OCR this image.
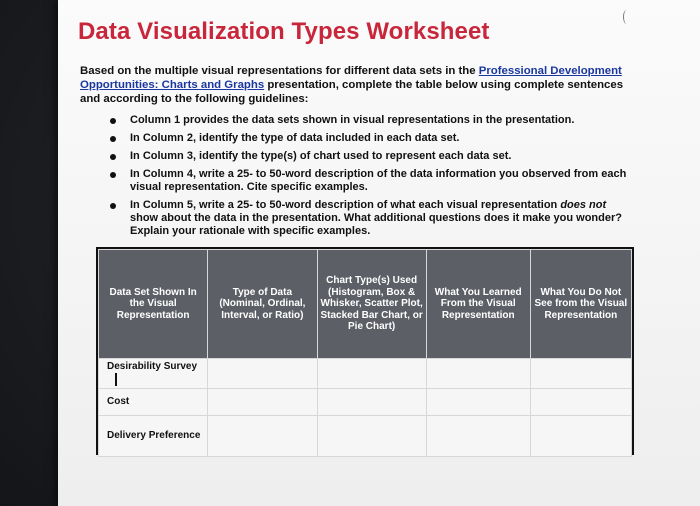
Data Visualization Types Worksheet
Based on the multiple visual representations for different data sets in the Professional Development Opportunities: Charts and Graphs presentation, complete the table below using complete sentences and according to the following guidelines:
Column 1 provides the data sets shown in visual representations in the presentation.
In Column 2, identify the type of data included in each data set.
In Column 3, identify the type(s) of chart used to represent each data set.
In Column 4, write a 25- to 50-word description of the data information you observed from each visual representation. Cite specific examples.
In Column 5, write a 25- to 50-word description of what each visual representation does not show about the data in the presentation. What additional questions does it make you wonder? Explain your rationale with specific examples.
Data Set Shown In the Visual Representation	Type of Data (Nominal, Ordinal, Interval, or Ratio)	Chart Type(s) Used (Histogram, Box & Whisker, Scatter Plot, Stacked Bar Chart, or Pie Chart)	What You Learned From the Visual Representation	What You Do Not See from the Visual Representation
Desirability Survey				
Cost				
Delivery Preference				
